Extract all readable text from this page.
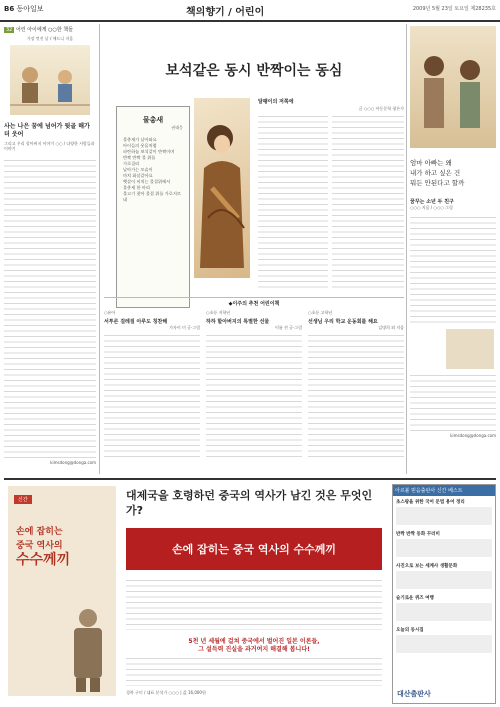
B6 동아일보	책의향기 / 어린이	2009년 5월 23일 토요일 제28235호
32 어린 아이에게 ○○한 책들
가장 멋진 날 / 에드니 지음
사는 나은 꿈에 넘어가 뒷골 해가 더 웃어
그리고 우리 할아버지 이야기 ○○ / 다양한 사람들과 이야기
kimsdong@donga.com
보석같은 동시 반짝이는 동심
물총새
권태응
물총새가 날아와요
아이들의 웃음처럼
파란하늘 보석같이 반짝이며
반짝 반짝 물 위를
가로질러
날아가는 모습이
마치 화살같아요
햇살이 비치는 물결위에서
물총새 한 마리
물고기 찾아 물결 위를 가로지르네
달팽이의 저쪽에
글 ○○○ 아동문학 평론가
엄마 아빠는 왜
내가 하고 싶은 건
뭐든 안된다고 할까
꿈꾸는 소년 두 친구
○○○ 지음 / ○○○ 그림
kimsdong@donga.com
◆이주의 추천 어린이책
○유아
서투른 걸레질 아루도 칭찬해
가자이 미 글·그림
○초등 저학년
하하 할아버지의 특별한 선물
이름 전 글·그림
○초등 고학년
선생님 우리 학교 운동회를 해요
김명희 외 지음
신간
손에 잡히는
중국 역사의
수수께끼
대제국을 호령하던 중국의 역사가 남긴 것은 무엇인가?
손에 잡히는 중국 역사의 수수께끼
5천 년 세월에 걸쳐 중국에서 벌어진 일본 이론들,
그 설득력 진실을 과거여지 해결해 봅니다!
경북 구미 / 대표 분석가 ○○○ | 값 16,000원
아르볼 믿음출판사 신간 베스트
초스팡을 위한 국어 문법 용어 정리
반짝 반짝 동화 꾸러미
사진으로 보는 세계사 생활문화
슬기로운 퀴즈 여행
오늘의 동시집
대산출판사
